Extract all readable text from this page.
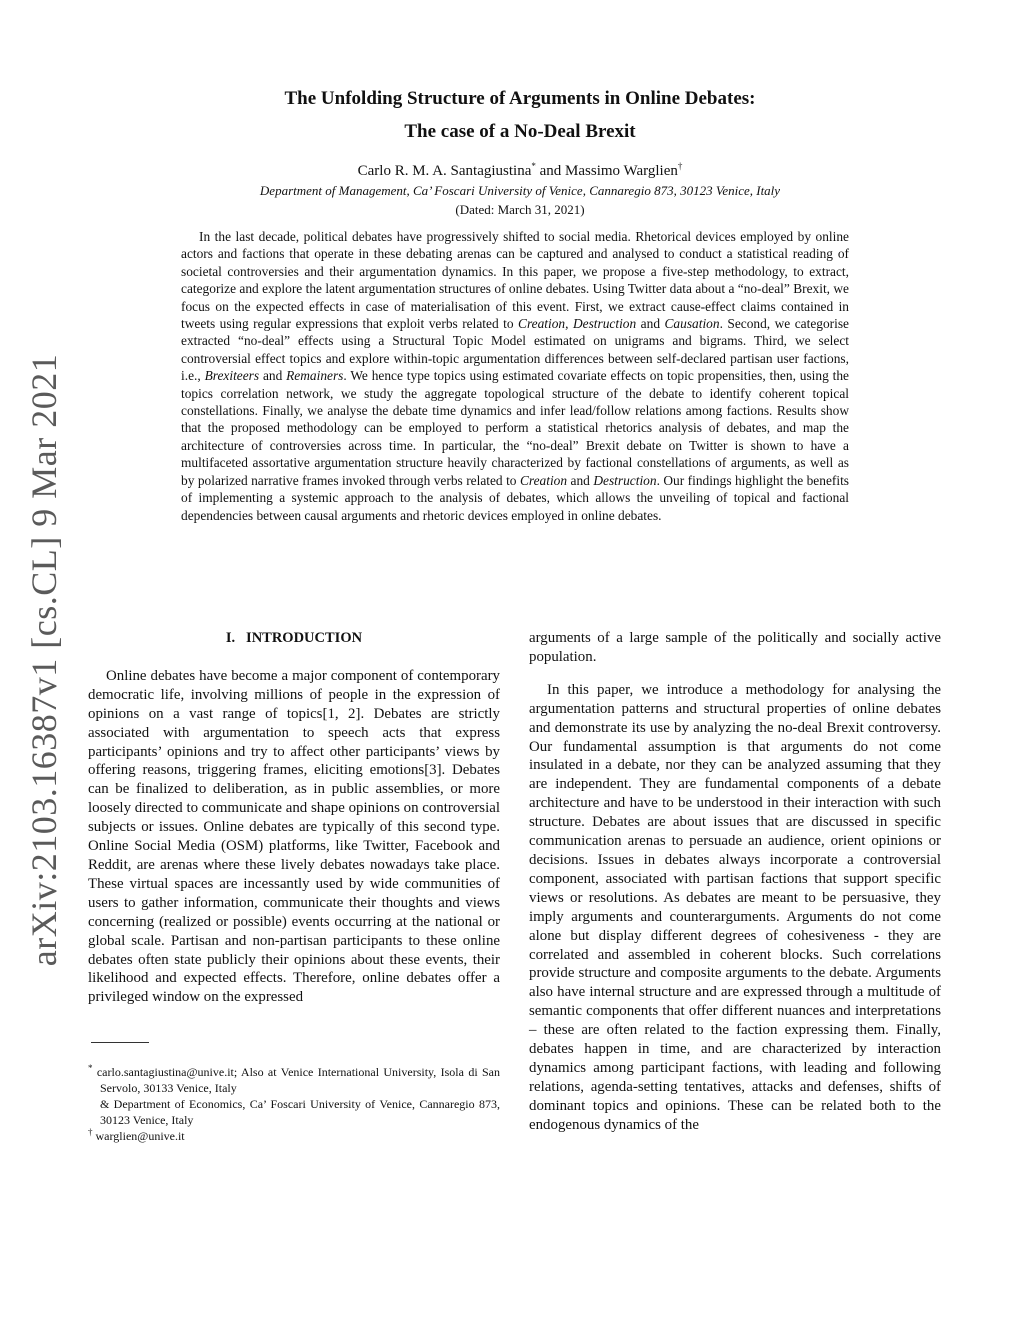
arXiv:2103.16387v1 [cs.CL] 9 Mar 2021
The Unfolding Structure of Arguments in Online Debates:
The case of a No-Deal Brexit
Carlo R. M. A. Santagiustina* and Massimo Warglien†
Department of Management, Ca’ Foscari University of Venice, Cannaregio 873, 30123 Venice, Italy
(Dated: March 31, 2021)

In the last decade, political debates have progressively shifted to social media. Rhetorical devices employed by online actors and factions that operate in these debating arenas can be captured and analysed to conduct a statistical reading of societal controversies and their argumentation dynamics. In this paper, we propose a five-step methodology, to extract, categorize and explore the latent argumentation structures of online debates. Using Twitter data about a “no-deal” Brexit, we focus on the expected effects in case of materialisation of this event. First, we extract cause-effect claims contained in tweets using regular expressions that exploit verbs related to Creation, Destruction and Causation. Second, we categorise extracted “no-deal” effects using a Structural Topic Model estimated on unigrams and bigrams. Third, we select controversial effect topics and explore within-topic argumentation differences between self-declared partisan user factions, i.e., Brexiteers and Remainers. We hence type topics using estimated covariate effects on topic propensities, then, using the topics correlation network, we study the aggregate topological structure of the debate to identify coherent topical constellations. Finally, we analyse the debate time dynamics and infer lead/follow relations among factions. Results show that the proposed methodology can be employed to perform a statistical rhetorics analysis of debates, and map the architecture of controversies across time. In particular, the “no-deal” Brexit debate on Twitter is shown to have a multifaceted assortative argumentation structure heavily characterized by factional constellations of arguments, as well as by polarized narrative frames invoked through verbs related to Creation and Destruction. Our findings highlight the benefits of implementing a systemic approach to the analysis of debates, which allows the unveiling of topical and factional dependencies between causal arguments and rhetoric devices employed in online debates.

I.   INTRODUCTION

Online debates have become a major component of contemporary democratic life, involving millions of people in the expression of opinions on a vast range of topics[1, 2]. Debates are strictly associated with argumentation to speech acts that express participants’ opinions and try to affect other participants’ views by offering reasons, triggering frames, eliciting emotions[3]. Debates can be finalized to deliberation, as in public assemblies, or more loosely directed to communicate and shape opinions on controversial subjects or issues. Online debates are typically of this second type. Online Social Media (OSM) platforms, like Twitter, Facebook and Reddit, are arenas where these lively debates nowadays take place. These virtual spaces are incessantly used by wide communities of users to gather information, communicate their thoughts and views concerning (realized or possible) events occurring at the national or global scale. Partisan and non-partisan participants to these online debates often state publicly their opinions about these events, their likelihood and expected effects. Therefore, online debates offer a privileged window on the expressed

* carlo.santagiustina@unive.it; Also at Venice International University, Isola di San Servolo, 30133 Venice, Italy

& Department of Economics, Ca’ Foscari University of Venice, Cannaregio 873, 30123 Venice, Italy

† warglien@unive.it

arguments of a large sample of the politically and socially active population.

In this paper, we introduce a methodology for analysing the argumentation patterns and structural properties of online debates and demonstrate its use by analyzing the no-deal Brexit controversy. Our fundamental assumption is that arguments do not come insulated in a debate, nor they can be analyzed assuming that they are independent. They are fundamental components of a debate architecture and have to be understood in their interaction with such structure. Debates are about issues that are discussed in specific communication arenas to persuade an audience, orient opinions or decisions. Issues in debates always incorporate a controversial component, associated with partisan factions that support specific views or resolutions. As debates are meant to be persuasive, they imply arguments and counterarguments. Arguments do not come alone but display different degrees of cohesiveness - they are correlated and assembled in coherent blocks. Such correlations provide structure and composite arguments to the debate. Arguments also have internal structure and are expressed through a multitude of semantic components that offer different nuances and interpretations – these are often related to the faction expressing them. Finally, debates happen in time, and are characterized by interaction dynamics among participant factions, with leading and following relations, agenda-setting tentatives, attacks and defenses, shifts of dominant topics and opinions. These can be related both to the endogenous dynamics of the
